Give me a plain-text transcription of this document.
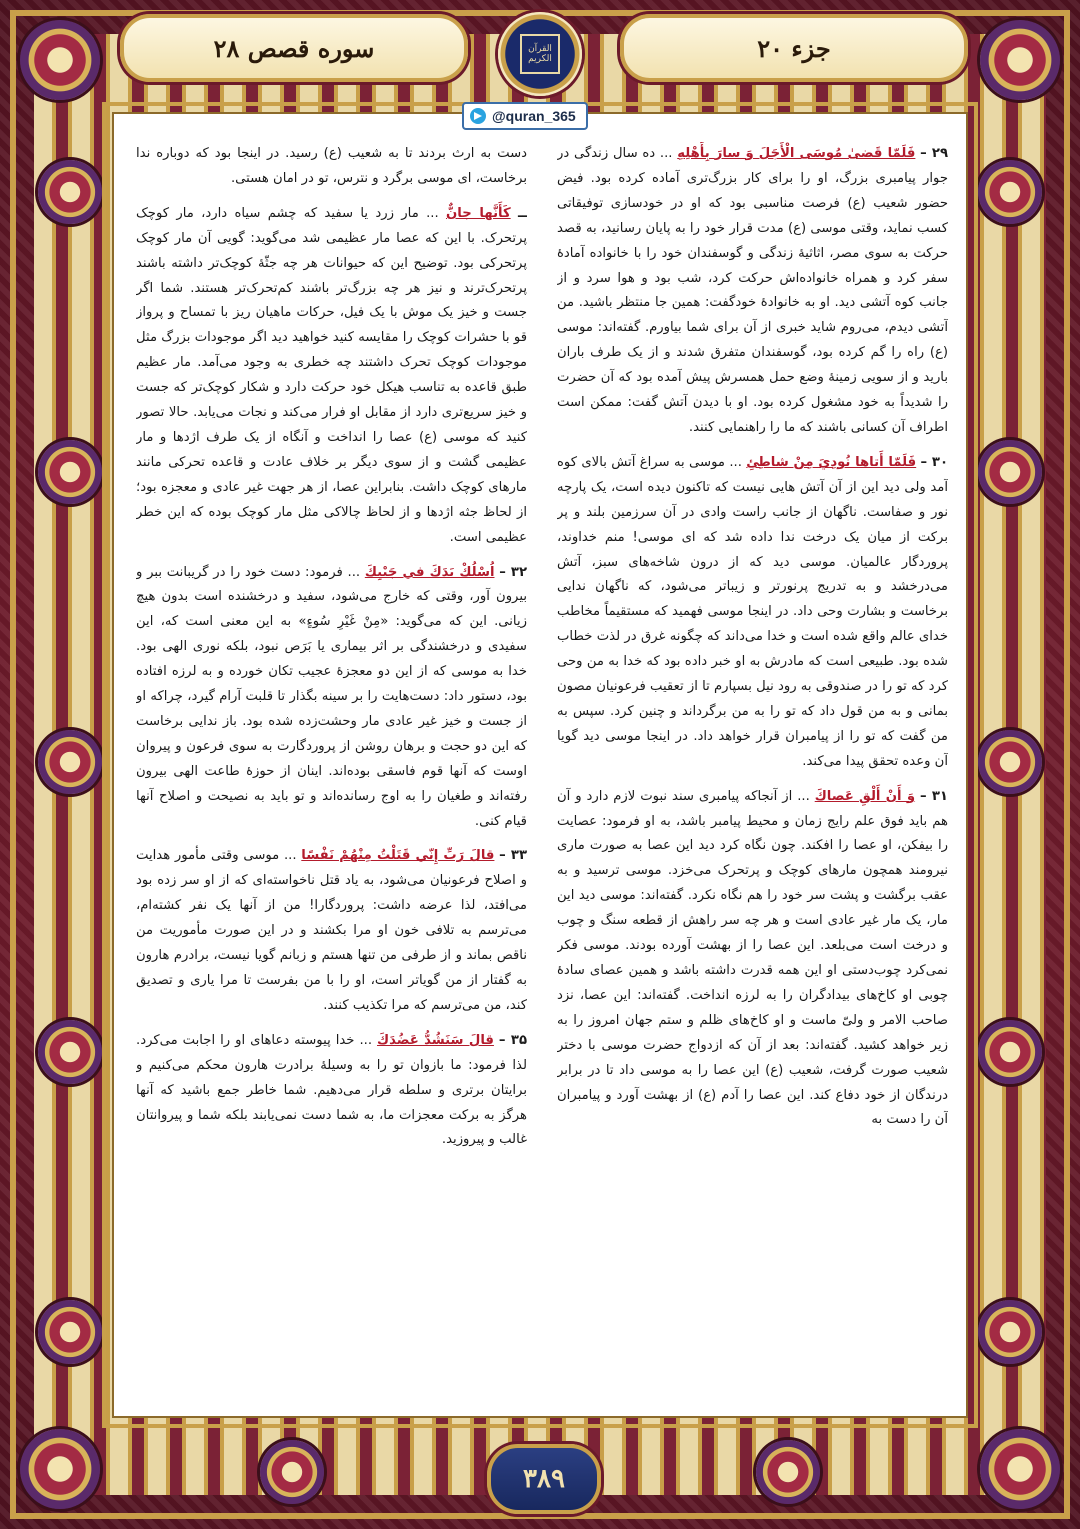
سوره قصص ۲۸	القرآن الكريم	جزء ۲۰
@quran_365

۲۹ – فَلَمّا قَضىٰ مُوسَى الْأَجَلَ وَ سارَ بِأَهْلِهِ ... ده سال زندگی در جوار پیامبری بزرگ، او را برای کار بزرگ‌تری آماده کرده بود. فیض حضور شعیب (ع) فرصت مناسبی بود که او در خودسازی توفیقاتی کسب نماید، وقتی موسی (ع) مدت قرار خود را به پایان رسانید، به قصد حرکت به سوی مصر، اثاثیهٔ زندگی و گوسفندان خود را با خانواده آمادهٔ سفر کرد و همراه خانواده‌اش حرکت کرد، شب بود و هوا سرد و از جانب کوه آتشی دید. او به خانوادهٔ خودگفت: همین جا منتظر باشید. من آتشی دیدم، می‌روم شاید خبری از آن برای شما بیاورم. گفته‌اند: موسی (ع) راه را گم کرده بود، گوسفندان متفرق شدند و از یک طرف باران بارید و از سویی زمینهٔ وضع حمل همسرش پیش آمده بود که آن حضرت را شدیداً به خود مشغول کرده بود. او با دیدن آتش گفت: ممکن است اطراف آن کسانی باشند که ما را راهنمایی کنند.

۳۰ – فَلَمّا أَتاها نُودِيَ مِنْ شاطِئِ ... موسی به سراغ آتش بالای کوه آمد ولی دید این از آن آتش هایی نیست که تاکنون دیده است، یک پارچه نور و صفاست. ناگهان از جانب راست وادی در آن سرزمین بلند و پر برکت از میان یک درخت ندا داده شد که ای موسی! منم خداوند، پروردگار عالمیان. موسی دید که از درون شاخه‌های سبز، آتش می‌درخشد و به تدریج پرنورتر و زیباتر می‌شود، که ناگهان ندایی برخاست و بشارت وحی داد. در اینجا موسی فهمید که مستقیماً مخاطب خدای عالم واقع شده است و خدا می‌داند که چگونه غرق در لذت خطاب شده بود. طبیعی است که مادرش به او خبر داده بود که خدا به من وحی کرد که تو را در صندوقی به رود نیل بسپارم تا از تعقیب فرعونیان مصون بمانی و به من قول داد که تو را به من برگرداند و چنین کرد. سپس به من گفت که تو را از پیامبران قرار خواهد داد. در اینجا موسی دید گویا آن وعده تحقق پیدا می‌کند.

۳۱ – وَ أَنْ أَلْقِ عَصاكَ ... از آنجاکه پیامبری سند نبوت لازم دارد و آن هم باید فوق علم رایج زمان و محیط پیامبر باشد، به او فرمود: عصایت را بیفکن، او عصا را افکند. چون نگاه کرد دید این عصا به صورت ماری نیرومند همچون مارهای کوچک و پرتحرک می‌خزد. موسی ترسید و به عقب برگشت و پشت سر خود را هم نگاه نکرد. گفته‌اند: موسی دید این مار، یک مار غیر عادی است و هر چه سر راهش از قطعه سنگ و چوب و درخت است می‌بلعد. این عصا را از بهشت آورده بودند. موسی فکر نمی‌کرد چوب‌دستی او این همه قدرت داشته باشد و همین عصای سادهٔ چوبی او کاخ‌های بیدادگران را به لرزه انداخت. گفته‌اند: این عصا، نزد صاحب الامر و ولیّ ماست و او کاخ‌های ظلم و ستم جهان امروز را به زیر خواهد کشید. گفته‌اند: بعد از آن که ازدواج حضرت موسی با دختر شعیب صورت گرفت، شعیب (ع) این عصا را به موسی داد تا در برابر درندگان از خود دفاع کند. این عصا را آدم (ع) از بهشت آورد و پیامبران آن را دست به

دست به ارث بردند تا به شعیب (ع) رسید. در اینجا بود که دوباره ندا برخاست، ای موسی برگرد و نترس، تو در امان هستی.

ــ كَأَنَّها جانٌّ ... مار زرد یا سفید که چشم سیاه دارد، مار کوچک پرتحرک. با این که عصا مار عظیمی شد می‌گوید: گویی آن مار کوچک پرتحرکی بود. توضیح این که حیوانات هر چه جثّهٔ کوچک‌تر داشته باشند پرتحرک‌ترند و نیز هر چه بزرگ‌تر باشند کم‌تحرک‌تر هستند. شما اگر جست و خیز یک موش با یک فیل، حرکات ماهیان ریز با تمساح و پرواز قو با حشرات کوچک را مقایسه کنید خواهید دید اگر موجودات بزرگ مثل موجودات کوچک تحرک داشتند چه خطری به وجود می‌آمد. مار عظیم طبق قاعده به تناسب هیکل خود حرکت دارد و شکار کوچک‌تر که جست و خیز سریع‌تری دارد از مقابل او فرار می‌کند و نجات می‌یابد. حالا تصور کنید که موسی (ع) عصا را انداخت و آنگاه از یک طرف اژدها و مار عظیمی گشت و از سوی دیگر بر خلاف عادت و قاعده تحرکی مانند مارهای کوچک داشت. بنابراین عصا، از هر جهت غیر عادی و معجزه بود؛ از لحاظ جثه اژدها و از لحاظ چالاکی مثل مار کوچک بوده که این خطر عظیمی است.

۳۲ – اُسْلُكْ يَدَكَ في جَيْبِكَ ... فرمود: دست خود را در گریبانت ببر و بیرون آور، وقتی که خارج می‌شود، سفید و درخشنده است بدون هیچ زیانی. این که می‌گوید: «مِنْ غَيْرِ سُوءٍ» به این معنی است که، این سفیدی و درخشندگی بر اثر بیماری یا بَرَص نبود، بلکه نوری الهی بود. خدا به موسی که از این دو معجزهٔ عجیب تکان خورده و به لرزه افتاده بود، دستور داد: دست‌هایت را بر سینه بگذار تا قلبت آرام گیرد، چراکه او از جست و خیز غیر عادی مار وحشت‌زده شده بود. باز ندایی برخاست که این دو حجت و برهان روشن از پروردگارت به سوی فرعون و پیروان اوست که آنها قوم فاسقی بوده‌اند. اینان از حوزهٔ طاعت الهی بیرون رفته‌اند و طغیان را به اوج رسانده‌اند و تو باید به نصیحت و اصلاح آنها قیام کنی.

۳۳ – قالَ رَبِّ إِنّي قَتَلْتُ مِنْهُمْ نَفْسًا ... موسی وقتی مأمور هدایت و اصلاح فرعونیان می‌شود، به یاد قتل ناخواسته‌ای که از او سر زده بود می‌افتد، لذا عرضه داشت: پروردگارا! من از آنها یک نفر کشته‌ام، می‌ترسم به تلافی خون او مرا بکشند و در این صورت مأموریت من ناقص بماند و از طرفی من تنها هستم و زبانم گویا نیست، برادرم هارون به گفتار از من گویاتر است، او را با من بفرست تا مرا یاری و تصدیق کند، من می‌ترسم که مرا تکذیب کنند.

۳۵ – قالَ سَنَشُدُّ عَضُدَكَ ... خدا پیوسته دعاهای او را اجابت می‌کرد. لذا فرمود: ما بازوان تو را به وسیلهٔ برادرت هارون محکم می‌کنیم و برایتان برتری و سلطه قرار می‌دهیم. شما خاطر جمع باشید که آنها هرگز به برکت معجزات ما، به شما دست نمی‌یابند بلکه شما و پیروانتان غالب و پیروزید.

۳۸۹
